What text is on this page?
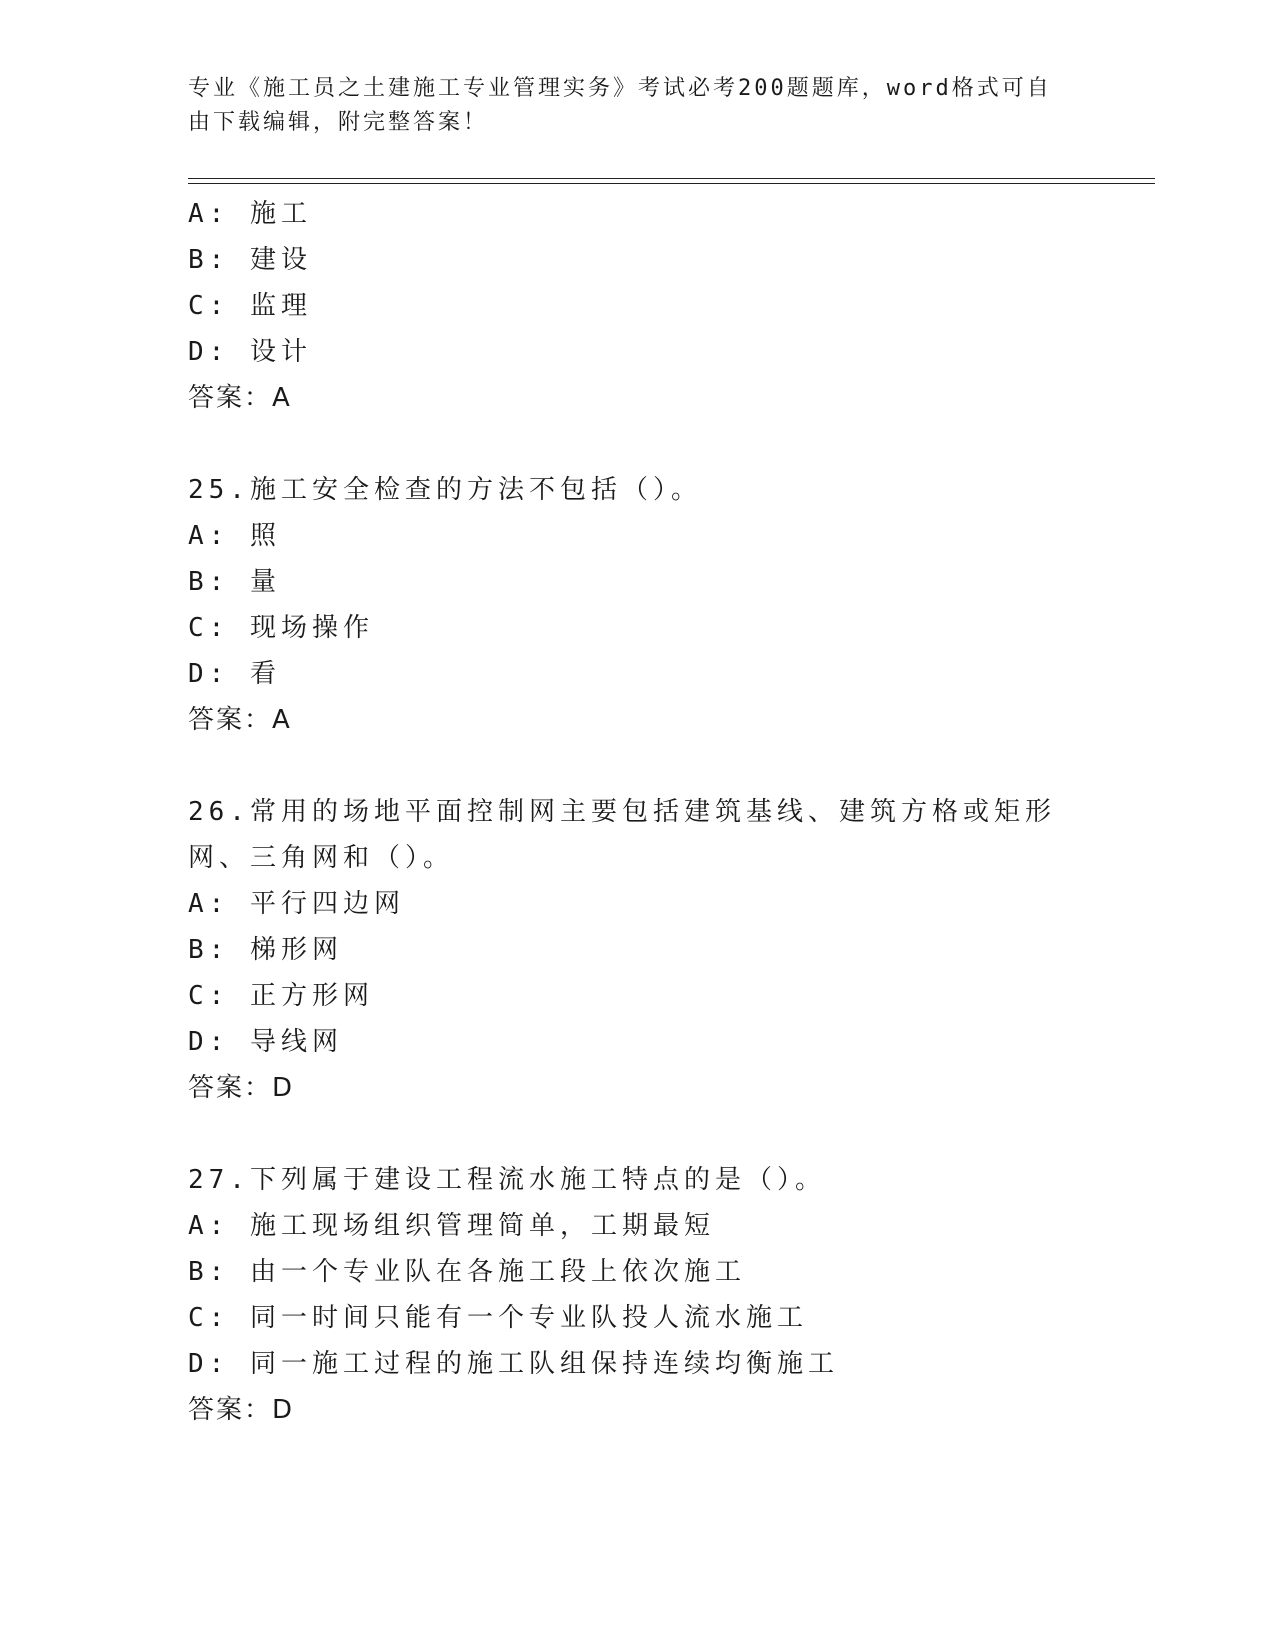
专业《施工员之土建施工专业管理实务》考试必考200题题库，word格式可自由下载编辑，附完整答案！
A: 施工
B: 建设
C: 监理
D: 设计
答案：A
25.施工安全检查的方法不包括（）。
A: 照
B: 量
C: 现场操作
D: 看
答案：A
26.常用的场地平面控制网主要包括建筑基线、建筑方格或矩形网、三角网和（）。
A: 平行四边网
B: 梯形网
C: 正方形网
D: 导线网
答案：D
27.下列属于建设工程流水施工特点的是（）。
A: 施工现场组织管理简单，工期最短
B: 由一个专业队在各施工段上依次施工
C: 同一时间只能有一个专业队投人流水施工
D: 同一施工过程的施工队组保持连续均衡施工
答案：D
